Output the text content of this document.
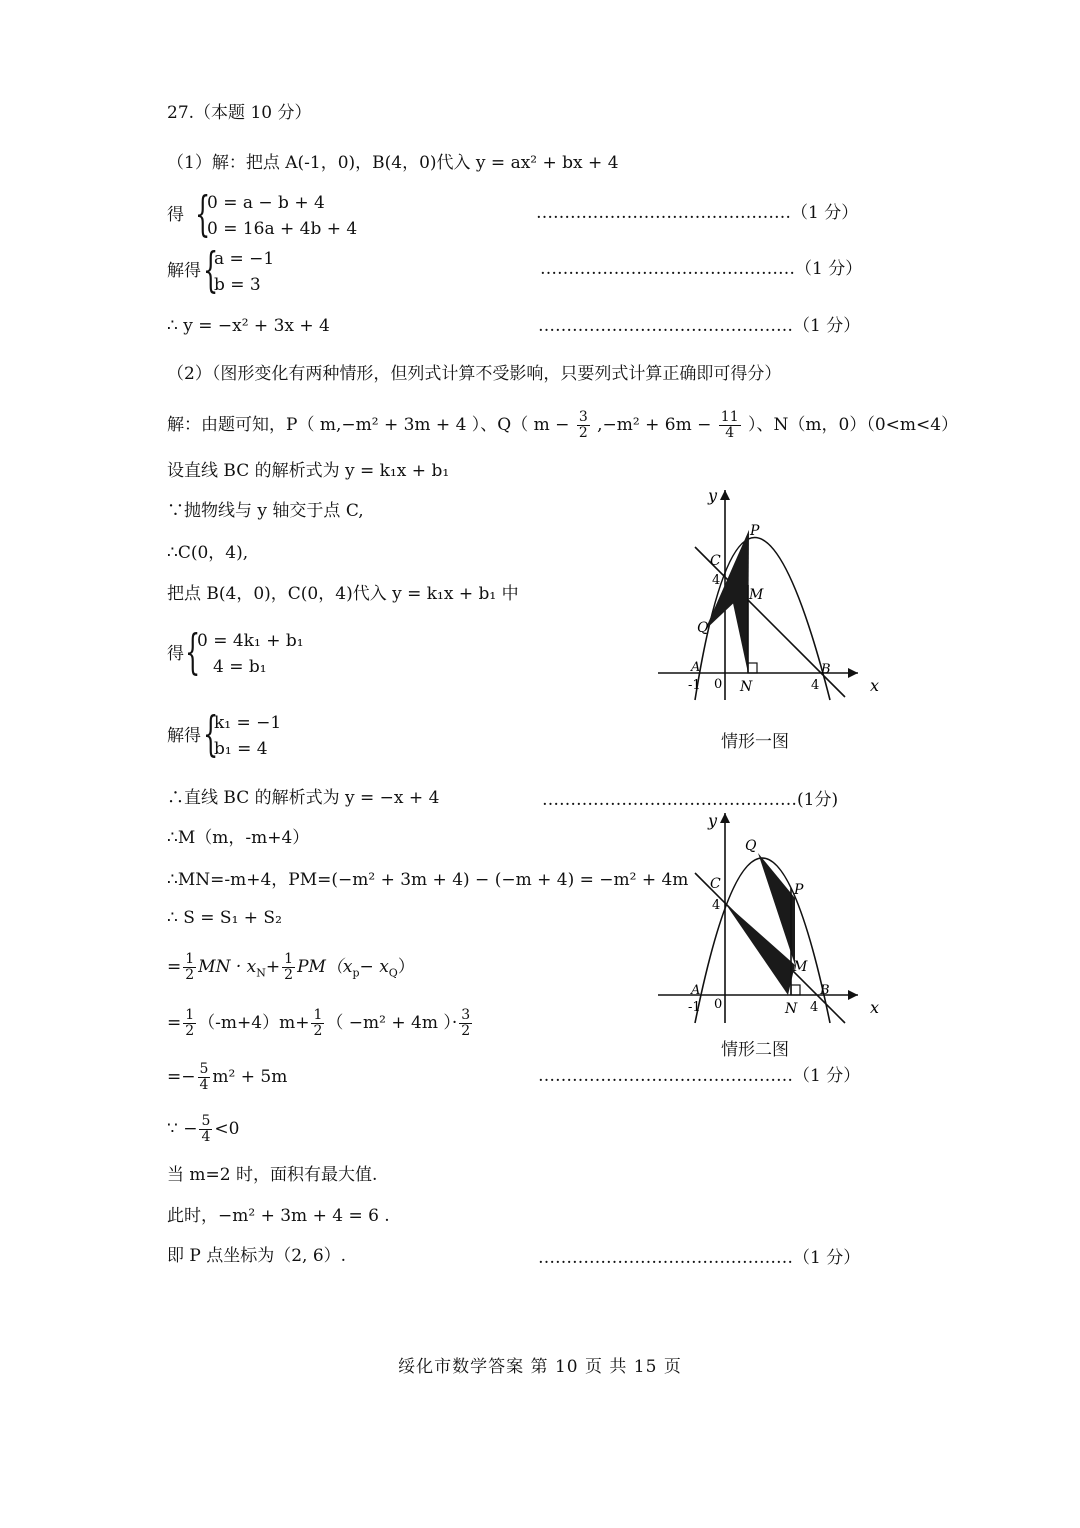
27.（本题 10 分）
（1）解：把点 A(-1，0)，B(4，0)代入 y = ax² + bx + 4
得 {
0 = a − b + 4
0 = 16a + 4b + 4
………………………………………（1 分）
解得 {
a = −1
b = 3
………………………………………（1 分）
∴ y = −x² + 3x + 4	………………………………………（1 分）
（2）（图形变化有两种情形，但列式计算不受影响，只要列式计算正确即可得分）
解：由题可知，P（ m,−m² + 3m + 4 ）、Q（ $m - \frac{3}{2} ,-m^2 + 6m - \frac{11}{4}$ ）、N（m，0）（0<m<4）
设直线 BC 的解析式为 y = k₁x + b₁
∵抛物线与 y 轴交于点 C,
∴C(0，4),
把点 B(4，0)，C(0，4)代入 y = k₁x + b₁ 中
得 {
0 = 4k₁ + b₁
4 = b₁
解得 {
k₁ = −1
b₁ = 4
∴直线 BC 的解析式为 y = −x + 4	………………………………………(1分)
∴M（m，-m+4）
∴MN=-m+4，PM=(−m² + 3m + 4) − (−m + 4) = −m² + 4m
∴ S = S₁ + S₂
= $\frac{1}{2}$ MN · $x_N+ \frac{1}{2} PM(x_p- x_Q)$
= $\frac{1}{2} (-m+4)m+ \frac{1}{2}$ （ −m² + 4m ）· $\frac{3}{2}$
=− $\frac{5}{4} m^2 + 5m$	………………………………………（1 分）
∵ − $\frac{5}{4} <0$
当 m=2 时，面积有最大值.
此时，−m² + 3m + 4 = 6 .
即 P 点坐标为（2, 6）.	………………………………………（1 分）
y
x
C
4
P
M
Q
A
-1 0 N	4
B
情形一图
y
x
C
4
Q
P
M
A
-1 0	N 4
B
情形二图
绥化市数学答案 第 10 页 共 15 页
